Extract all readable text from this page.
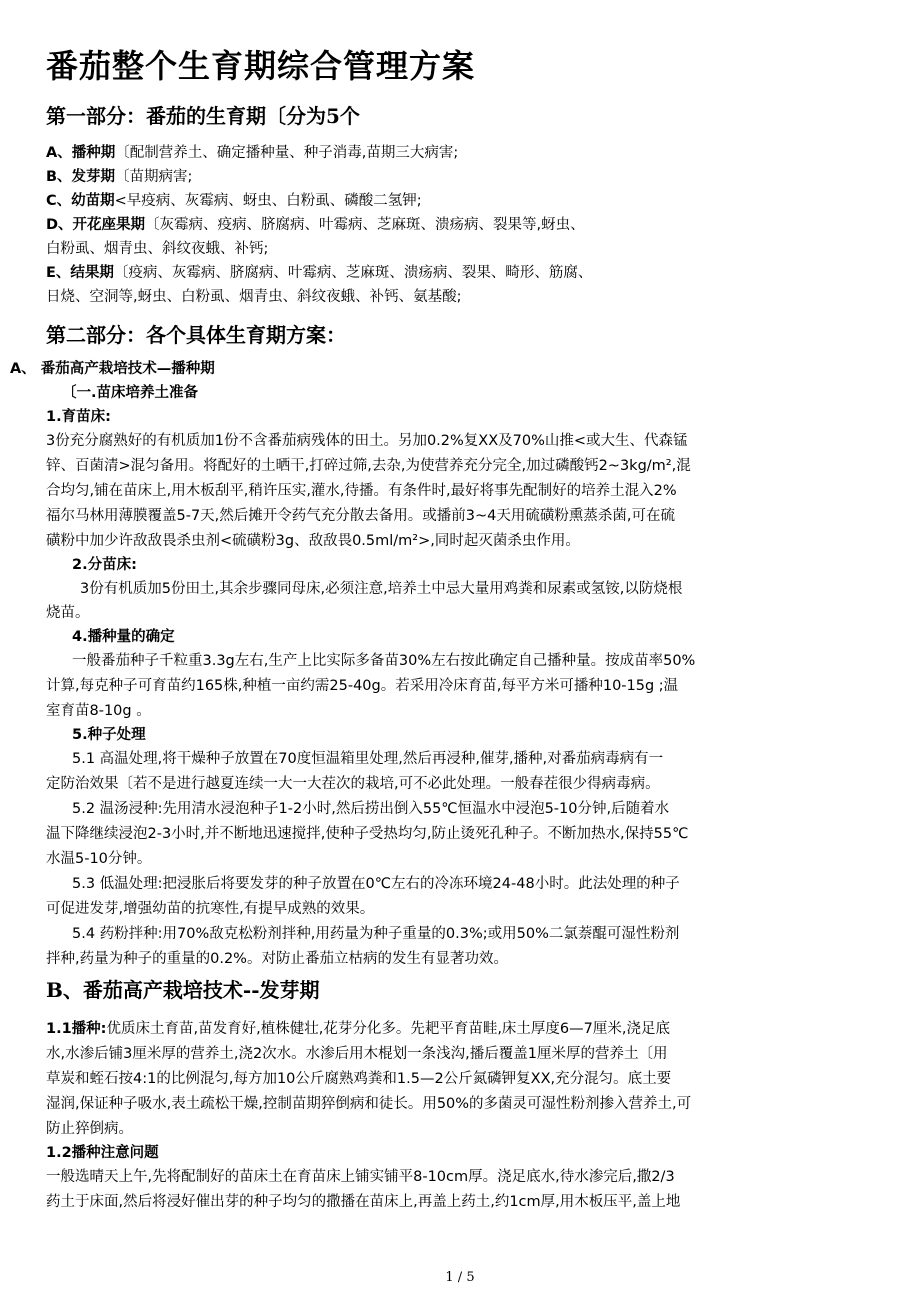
番茄整个生育期综合管理方案
第一部分：番茄的生育期〔分为5个
A、播种期〔配制营养土、确定播种量、种子消毒,苗期三大病害;
B、发芽期〔苗期病害;
C、幼苗期<早疫病、灰霉病、蚜虫、白粉虱、磷酸二氢钾;
D、开花座果期〔灰霉病、疫病、脐腐病、叶霉病、芝麻斑、溃疡病、裂果等,蚜虫、
白粉虱、烟青虫、斜纹夜蛾、补钙;
E、结果期〔疫病、灰霉病、脐腐病、叶霉病、芝麻斑、溃疡病、裂果、畸形、筋腐、
日烧、空洞等,蚜虫、白粉虱、烟青虫、斜纹夜蛾、补钙、氨基酸;
第二部分：各个具体生育期方案：
A、 番茄高产栽培技术—播种期
〔一.苗床培养土准备
1.育苗床:
3份充分腐熟好的有机质加1份不含番茄病残体的田土。另加0.2%复XX及70%山推<或大生、代森锰
锌、百菌清>混匀备用。将配好的土晒干,打碎过筛,去杂,为使营养充分完全,加过磷酸钙2~3kg/m²,混
合均匀,铺在苗床上,用木板刮平,稍许压实,灌水,待播。有条件时,最好将事先配制好的培养土混入2%
福尔马林用薄膜覆盖5-7天,然后摊开令药气充分散去备用。或播前3~4天用硫磺粉熏蒸杀菌,可在硫
磺粉中加少许敌敌畏杀虫剂<硫磺粉3g、敌敌畏0.5ml/m²>,同时起灭菌杀虫作用。
2.分苗床:
3份有机质加5份田土,其余步骤同母床,必须注意,培养土中忌大量用鸡粪和尿素或氢铵,以防烧根
烧苗。
4.播种量的确定
一般番茄种子千粒重3.3g左右,生产上比实际多备苗30%左右按此确定自己播种量。按成苗率50%
计算,每克种子可育苗约165株,种植一亩约需25-40g。若采用冷床育苗,每平方米可播种10-15g ;温
室育苗8-10g 。
5.种子处理
5.1 高温处理,将干燥种子放置在70度恒温箱里处理,然后再浸种,催芽,播种,对番茄病毒病有一
定防治效果〔若不是进行越夏连续一大一大茬次的栽培,可不必此处理。一般春茬很少得病毒病。
5.2 温汤浸种:先用清水浸泡种子1-2小时,然后捞出倒入55℃恒温水中浸泡5-10分钟,后随着水
温下降继续浸泡2-3小时,并不断地迅速搅拌,使种子受热均匀,防止烫死孔种子。不断加热水,保持55℃
水温5-10分钟。
5.3 低温处理:把浸胀后将要发芽的种子放置在0℃左右的冷冻环境24-48小时。此法处理的种子
可促进发芽,增强幼苗的抗寒性,有提早成熟的效果。
5.4 药粉拌种:用70%敌克松粉剂拌种,用药量为种子重量的0.3%;或用50%二氯萘醌可湿性粉剂
拌种,药量为种子的重量的0.2%。对防止番茄立枯病的发生有显著功效。
B、番茄高产栽培技术--发芽期
1.1播种:优质床土育苗,苗发育好,植株健壮,花芽分化多。先耙平育苗畦,床土厚度6—7厘米,浇足底
水,水渗后铺3厘米厚的营养土,浇2次水。水渗后用木棍划一条浅沟,播后覆盖1厘米厚的营养土〔用
草炭和蛭石按4:1的比例混匀,每方加10公斤腐熟鸡粪和1.5—2公斤氮磷钾复XX,充分混匀。底土要
湿润,保证种子吸水,表土疏松干燥,控制苗期猝倒病和徒长。用50%的多菌灵可湿性粉剂掺入营养土,可
防止猝倒病。
1.2播种注意问题
一般选晴天上午,先将配制好的苗床土在育苗床上铺实铺平8-10cm厚。浇足底水,待水渗完后,撒2/3
药土于床面,然后将浸好催出芽的种子均匀的撒播在苗床上,再盖上药土,约1cm厚,用木板压平,盖上地
1 / 5
